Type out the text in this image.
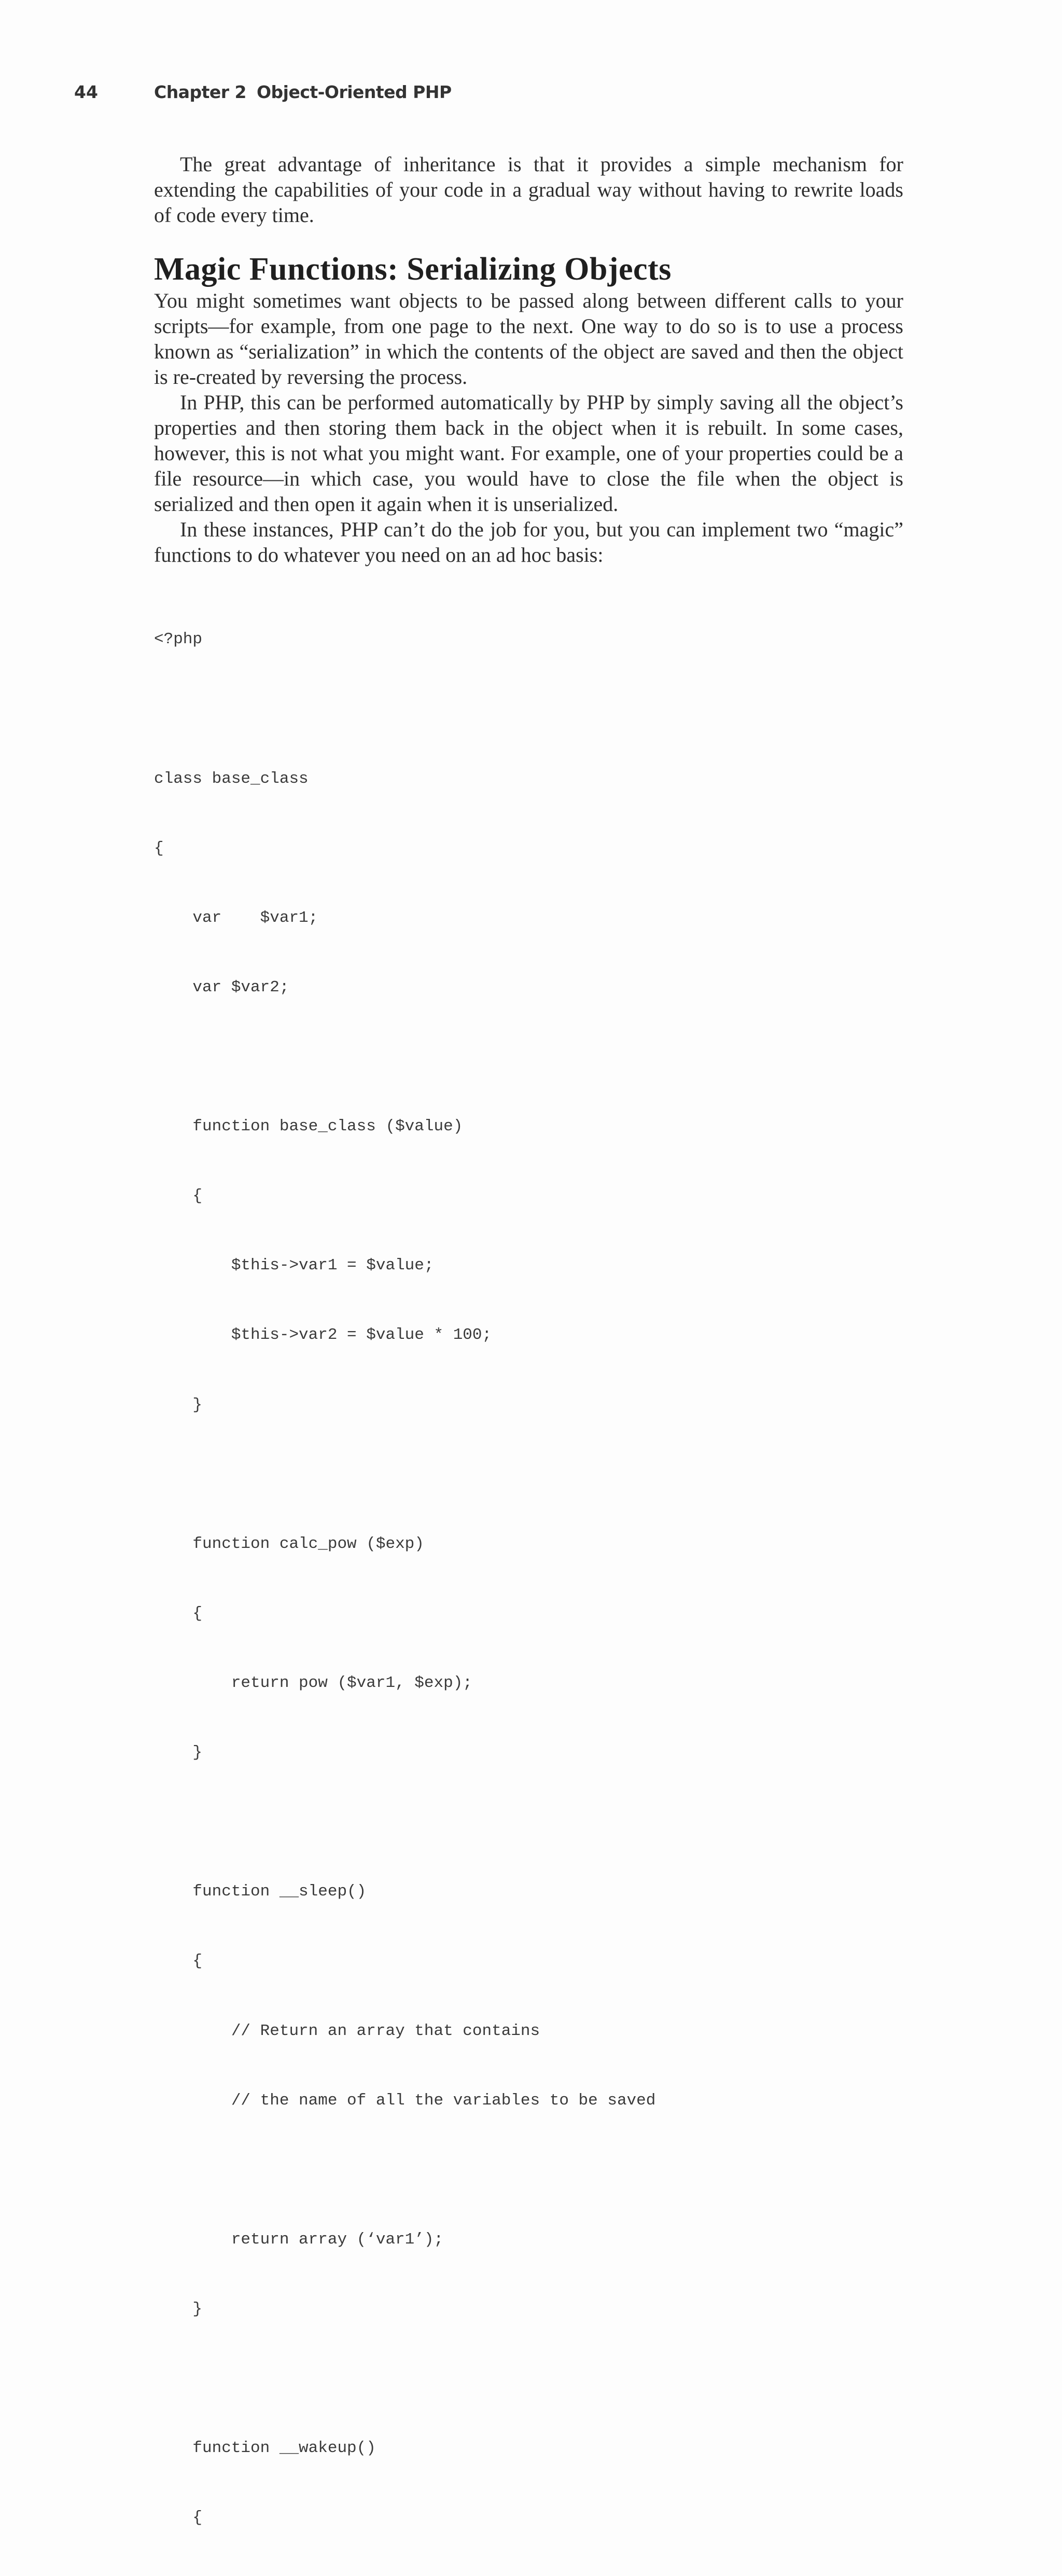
44	Chapter 2 Object-Oriented PHP

The great advantage of inheritance is that it provides a simple mechanism for extending the capabilities of your code in a gradual way without having to rewrite loads of code every time.

Magic Functions: Serializing Objects

You might sometimes want objects to be passed along between different calls to your scripts—for example, from one page to the next. One way to do so is to use a process known as “serialization” in which the contents of the object are saved and then the object is re-created by reversing the process.

In PHP, this can be performed automatically by PHP by simply saving all the object’s properties and then storing them back in the object when it is rebuilt. In some cases, however, this is not what you might want. For example, one of your properties could be a file resource—in which case, you would have to close the file when the object is serialized and then open it again when it is unserialized.

In these instances, PHP can’t do the job for you, but you can implement two “magic” functions to do whatever you need on an ad hoc basis:

<?php

class base_class

{

var    $var1;

var $var2;

function base_class ($value)

{

$this->var1 = $value;

$this->var2 = $value * 100;

}

function calc_pow ($exp)

{

return pow ($var1, $exp);

}

function __sleep()

{

// Return an array that contains

// the name of all the variables to be saved

return array (‘var1’);

}

function __wakeup()

{
